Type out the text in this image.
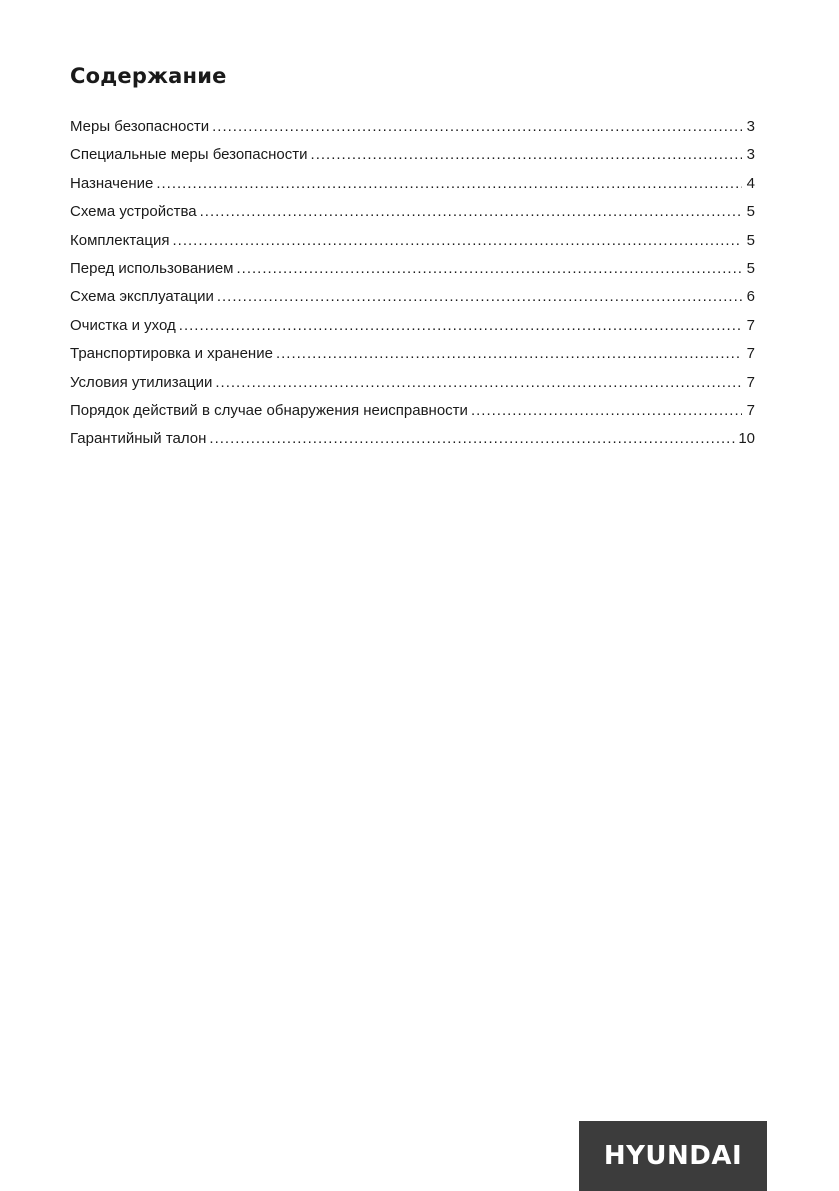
Содержание
Меры безопасности .....	3
Специальные меры безопасности .....	3
Назначение .....	4
Схема устройства .....	5
Комплектация .....	5
Перед использованием .....	5
Схема эксплуатации .....	6
Очистка и уход .....	7
Транспортировка и хранение .....	7
Условия утилизации .....	7
Порядок действий в случае обнаружения неисправности .....	7
Гарантийный талон .....	10
HYUNDAI
